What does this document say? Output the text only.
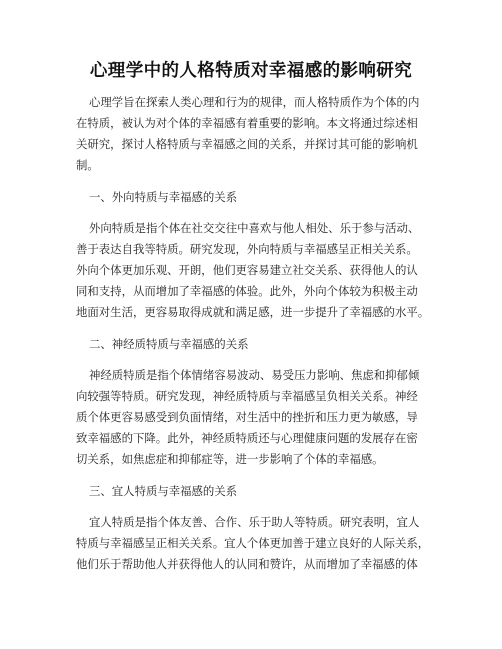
心理学中的人格特质对幸福感的影响研究
心理学旨在探索人类心理和行为的规律，而人格特质作为个体的内
在特质，被认为对个体的幸福感有着重要的影响。本文将通过综述相
关研究，探讨人格特质与幸福感之间的关系，并探讨其可能的影响机
制。
一、外向特质与幸福感的关系
外向特质是指个体在社交交往中喜欢与他人相处、乐于参与活动、
善于表达自我等特质。研究发现，外向特质与幸福感呈正相关关系。
外向个体更加乐观、开朗，他们更容易建立社交关系、获得他人的认
同和支持，从而增加了幸福感的体验。此外，外向个体较为积极主动
地面对生活，更容易取得成就和满足感，进一步提升了幸福感的水平。
二、神经质特质与幸福感的关系
神经质特质是指个体情绪容易波动、易受压力影响、焦虑和抑郁倾
向较强等特质。研究发现，神经质特质与幸福感呈负相关关系。神经
质个体更容易感受到负面情绪，对生活中的挫折和压力更为敏感，导
致幸福感的下降。此外，神经质特质还与心理健康问题的发展存在密
切关系，如焦虑症和抑郁症等，进一步影响了个体的幸福感。
三、宜人特质与幸福感的关系
宜人特质是指个体友善、合作、乐于助人等特质。研究表明，宜人
特质与幸福感呈正相关关系。宜人个体更加善于建立良好的人际关系，
他们乐于帮助他人并获得他人的认同和赞许，从而增加了幸福感的体
